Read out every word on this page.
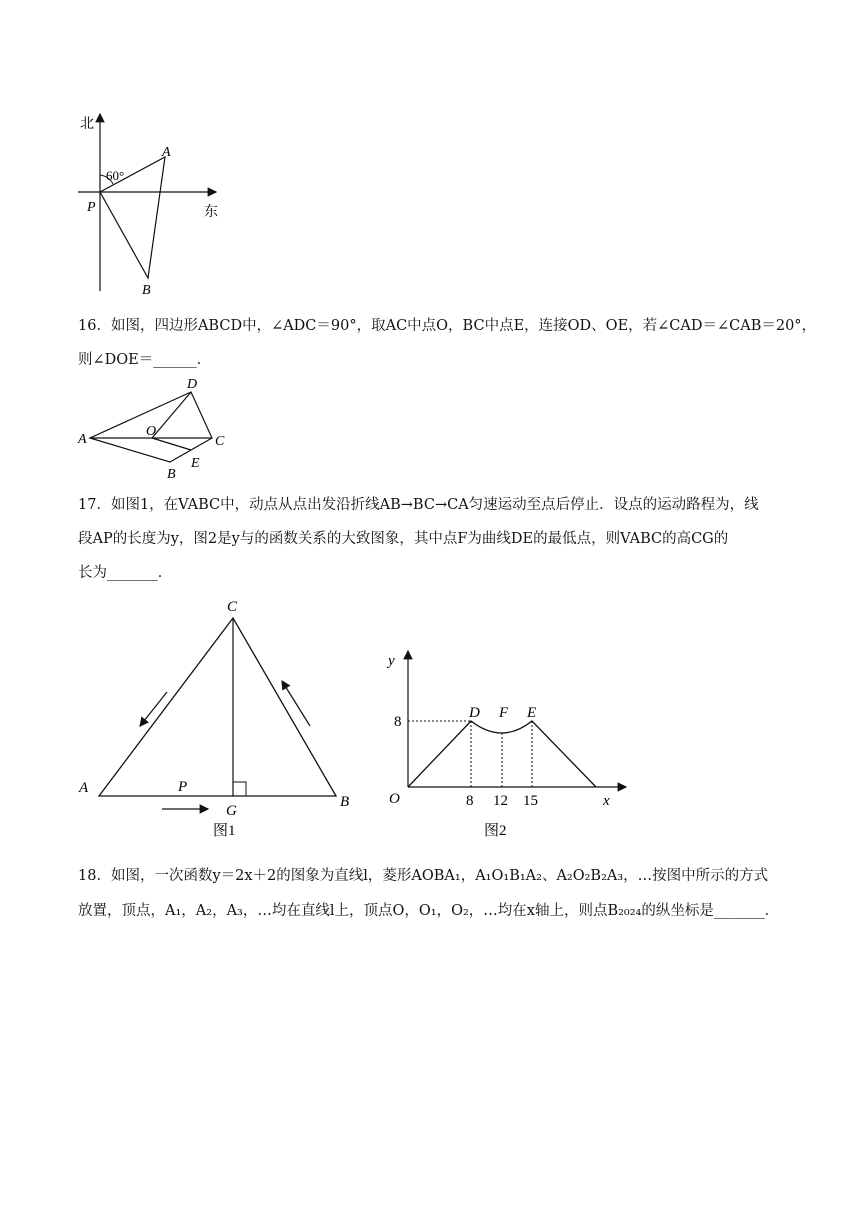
北
东
60°
P
A
B
16．如图，四边形ABCD中，∠ADC＝90°，取AC中点O，BC中点E，连接OD、OE，若∠CAD＝∠CAB＝20°，
则∠DOE＝______．
A
B
C
D
O
E
17．如图1，在VABC中，动点从点出发沿折线AB→BC→CA匀速运动至点后停止．设点的运动路程为，线
段AP的长度为y，图2是y与的函数关系的大致图象，其中点F为曲线DE的最低点，则VABC的高CG的
长为_______．
C
A
B
P
G
图1
y
x
O
8
8 12 15
D F E
图2
18．如图，一次函数y＝2x＋2的图象为直线l，菱形AOBA₁，A₁O₁B₁A₂、A₂O₂B₂A₃，…按图中所示的方式
放置，顶点，A₁，A₂，A₃，…均在直线l上，顶点O，O₁，O₂，…均在x轴上，则点B₂₀₂₄的纵坐标是_______．
